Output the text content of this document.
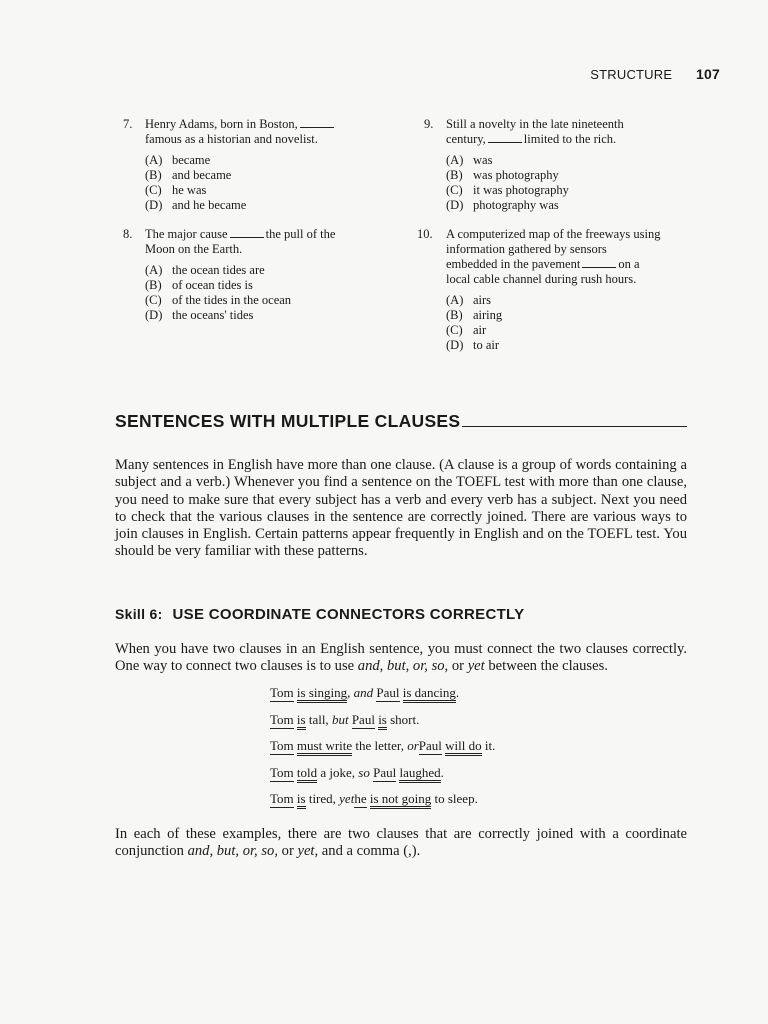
STRUCTURE 107
7. Henry Adams, born in Boston,
famous as a historian and novelist.

(A) became
(B) and became
(C) he was
(D) and he became
8. The major cause	the pull of the
Moon on the Earth.

(A) the ocean tides are
(B) of ocean tides is
(C) of the tides in the ocean
(D) the oceans' tides
9. Still a novelty in the late nineteenth
century,	limited to the rich.

(A) was
(B) was photography
(C) it was photography
(D) photography was
10. A computerized map of the freeways using
information gathered by sensors
embedded in the pavement	on a
local cable channel during rush hours.

(A) airs
(B) airing
(C) air
(D) to air
SENTENCES WITH MULTIPLE CLAUSES

Many sentences in English have more than one clause. (A clause is a group of words containing a subject and a verb.) Whenever you find a sentence on the TOEFL test with more than one clause, you need to make sure that every subject has a verb and every verb has a subject. Next you need to check that the various clauses in the sentence are correctly joined. There are various ways to join clauses in English. Certain patterns appear frequently in English and on the TOEFL test. You should be very familiar with these patterns.

Skill 6: USE COORDINATE CONNECTORS CORRECTLY

When you have two clauses in an English sentence, you must connect the two clauses correctly. One way to connect two clauses is to use and, but, or, so, or yet between the clauses.

Tom is singing, and Paul is dancing.
Tom is tall, but Paul is short.
Tom must write the letter, orPaul will do it.
Tom told a joke, so Paul laughed.
Tom is tired, yethe is not going to sleep.

In each of these examples, there are two clauses that are correctly joined with a coordinate conjunction and, but, or, so, or yet, and a comma (,).
